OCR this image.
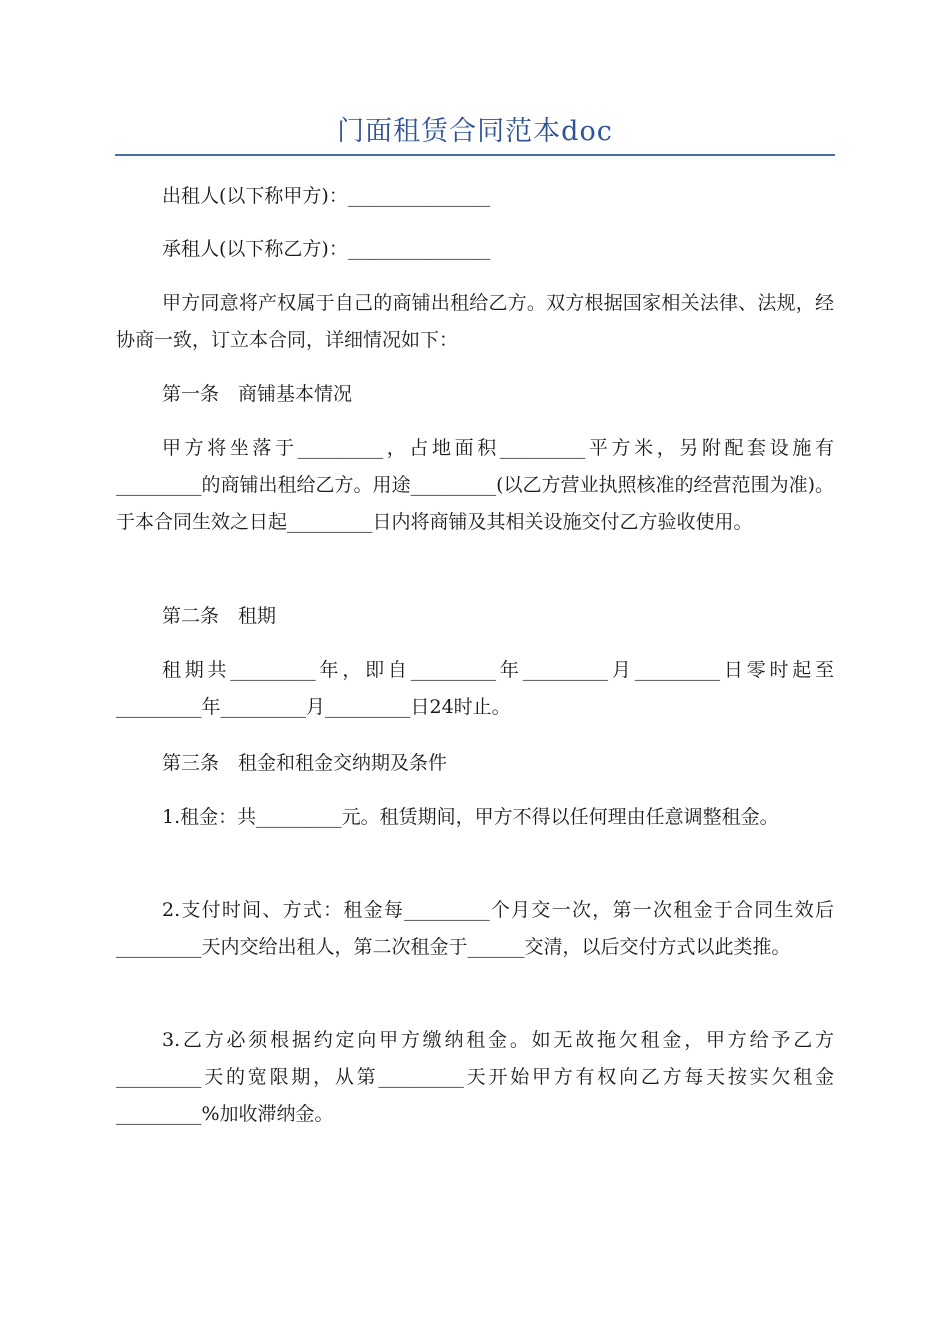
门面租赁合同范本doc

出租人(以下称甲方)：_______________

承租人(以下称乙方)：_______________

甲方同意将产权属于自己的商铺出租给乙方。双方根据国家相关法律、法规，经协商一致，订立本合同，详细情况如下：

第一条　商铺基本情况

甲方将坐落于_________，占地面积_________平方米，另附配套设施有_________的商铺出租给乙方。用途_________(以乙方营业执照核准的经营范围为准)。于本合同生效之日起_________日内将商铺及其相关设施交付乙方验收使用。

第二条　租期

租期共_________年，即自_________年_________月_________日零时起至_________年_________月_________日24时止。

第三条　租金和租金交纳期及条件

1.租金：共_________元。租赁期间，甲方不得以任何理由任意调整租金。

2.支付时间、方式：租金每_________个月交一次，第一次租金于合同生效后_________天内交给出租人，第二次租金于______交清，以后交付方式以此类推。

3.乙方必须根据约定向甲方缴纳租金。如无故拖欠租金，甲方给予乙方_________天的宽限期，从第_________天开始甲方有权向乙方每天按实欠租金_________%加收滞纳金。
